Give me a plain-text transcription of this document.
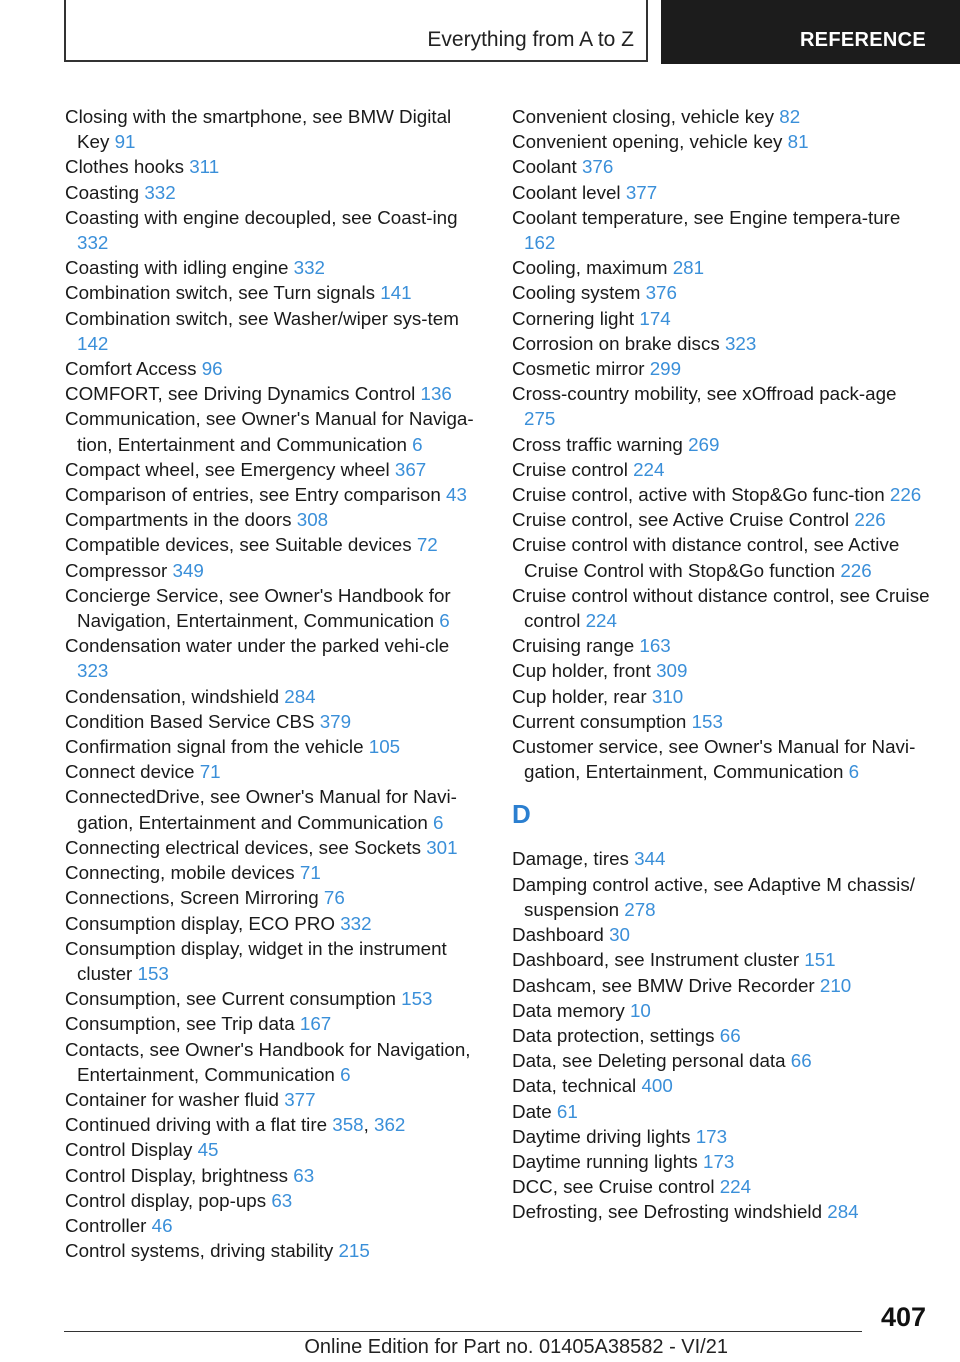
Everything from A to Z	REFERENCE
Closing with the smartphone, see BMW Digital Key 91
Clothes hooks 311
Coasting 332
Coasting with engine decoupled, see Coast-ing 332
Coasting with idling engine 332
Combination switch, see Turn signals 141
Combination switch, see Washer/wiper sys-tem 142
Comfort Access 96
COMFORT, see Driving Dynamics Control 136
Communication, see Owner's Manual for Naviga-tion, Entertainment and Communication 6
Compact wheel, see Emergency wheel 367
Comparison of entries, see Entry comparison 43
Compartments in the doors 308
Compatible devices, see Suitable devices 72
Compressor 349
Concierge Service, see Owner's Handbook for Navigation, Entertainment, Communication 6
Condensation water under the parked vehi-cle 323
Condensation, windshield 284
Condition Based Service CBS 379
Confirmation signal from the vehicle 105
Connect device 71
ConnectedDrive, see Owner's Manual for Navi-gation, Entertainment and Communication 6
Connecting electrical devices, see Sockets 301
Connecting, mobile devices 71
Connections, Screen Mirroring 76
Consumption display, ECO PRO 332
Consumption display, widget in the instrument cluster 153
Consumption, see Current consumption 153
Consumption, see Trip data 167
Contacts, see Owner's Handbook for Navigation, Entertainment, Communication 6
Container for washer fluid 377
Continued driving with a flat tire 358, 362
Control Display 45
Control Display, brightness 63
Control display, pop-ups 63
Controller 46
Control systems, driving stability 215
Convenient closing, vehicle key 82
Convenient opening, vehicle key 81
Coolant 376
Coolant level 377
Coolant temperature, see Engine tempera-ture 162
Cooling, maximum 281
Cooling system 376
Cornering light 174
Corrosion on brake discs 323
Cosmetic mirror 299
Cross-country mobility, see xOffroad pack-age 275
Cross traffic warning 269
Cruise control 224
Cruise control, active with Stop&Go func-tion 226
Cruise control, see Active Cruise Control 226
Cruise control with distance control, see Active Cruise Control with Stop&Go function 226
Cruise control without distance control, see Cruise control 224
Cruising range 163
Cup holder, front 309
Cup holder, rear 310
Current consumption 153
Customer service, see Owner's Manual for Navi-gation, Entertainment, Communication 6
D
Damage, tires 344
Damping control active, see Adaptive M chassis/ suspension 278
Dashboard 30
Dashboard, see Instrument cluster 151
Dashcam, see BMW Drive Recorder 210
Data memory 10
Data protection, settings 66
Data, see Deleting personal data 66
Data, technical 400
Date 61
Daytime driving lights 173
Daytime running lights 173
DCC, see Cruise control 224
Defrosting, see Defrosting windshield 284
407
Online Edition for Part no. 01405A38582 - VI/21
